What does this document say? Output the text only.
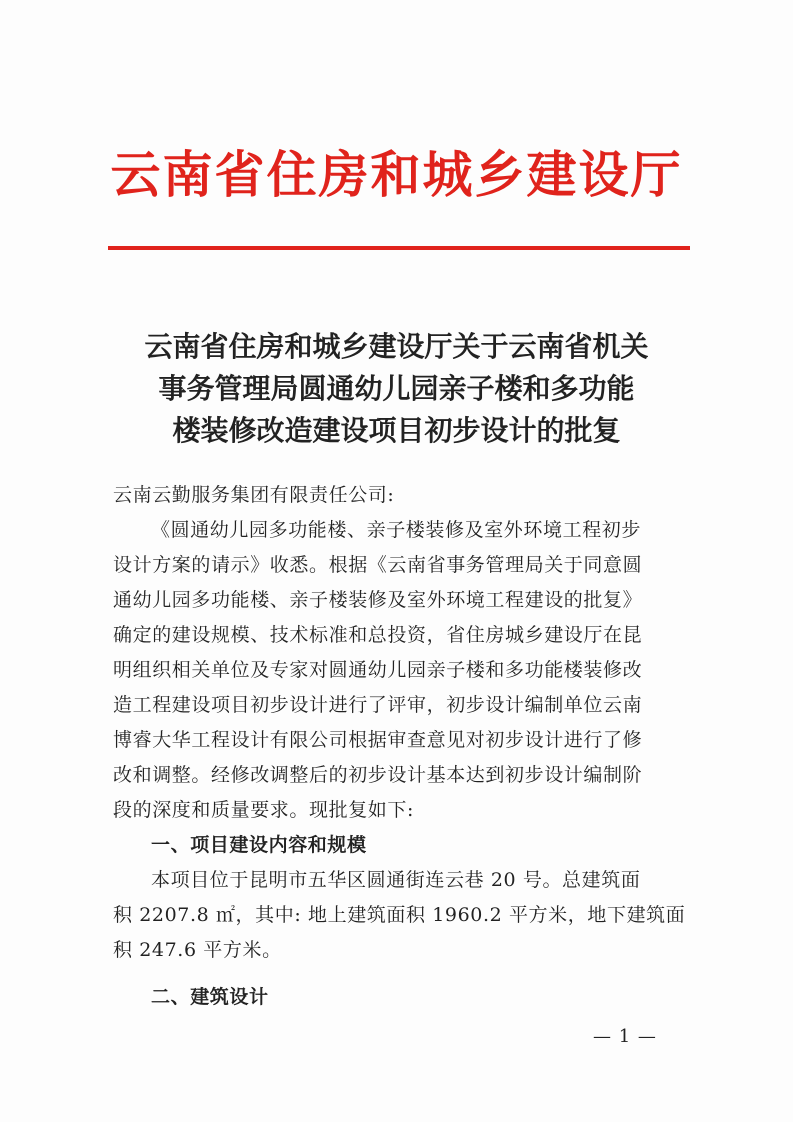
云南省住房和城乡建设厅
云南省住房和城乡建设厅关于云南省机关
事务管理局圆通幼儿园亲子楼和多功能
楼装修改造建设项目初步设计的批复

云南云勤服务集团有限责任公司:

《圆通幼儿园多功能楼、亲子楼装修及室外环境工程初步

设计方案的请示》收悉。根据《云南省事务管理局关于同意圆

通幼儿园多功能楼、亲子楼装修及室外环境工程建设的批复》

确定的建设规模、技术标准和总投资，省住房城乡建设厅在昆

明组织相关单位及专家对圆通幼儿园亲子楼和多功能楼装修改

造工程建设项目初步设计进行了评审，初步设计编制单位云南

博睿大华工程设计有限公司根据审查意见对初步设计进行了修

改和调整。经修改调整后的初步设计基本达到初步设计编制阶

段的深度和质量要求。现批复如下:

一、项目建设内容和规模

本项目位于昆明市五华区圆通街连云巷 20 号。总建筑面

积 2207.8 ㎡，其中: 地上建筑面积 1960.2 平方米，地下建筑面

积 247.6 平方米。

二、建筑设计

— 1 —
